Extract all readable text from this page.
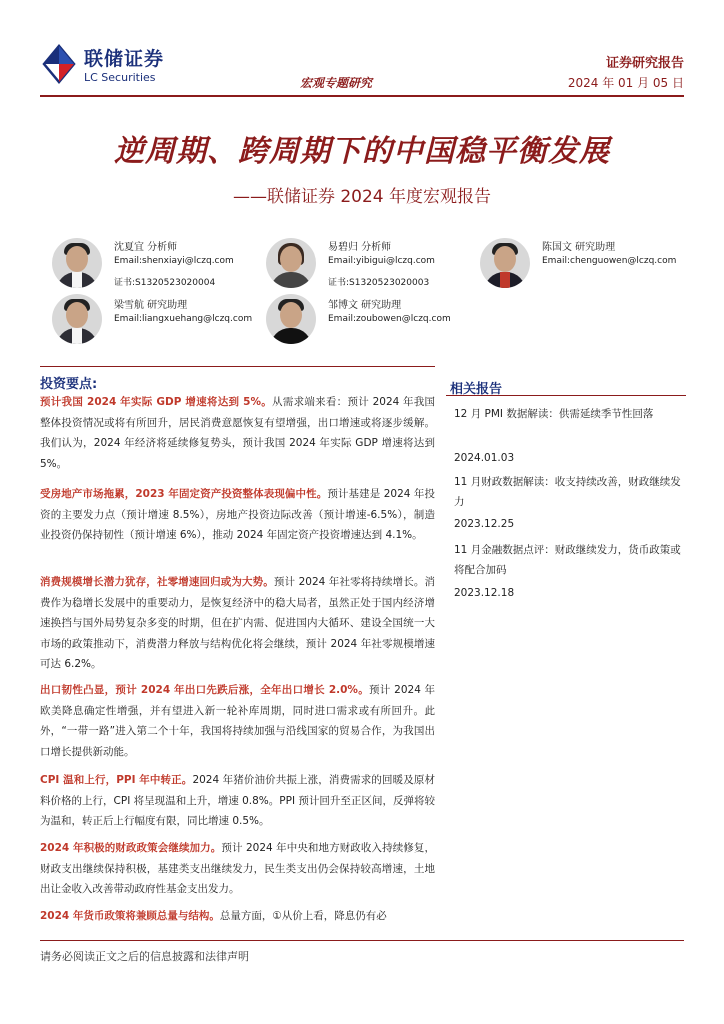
联储证券
LC Securities	宏观专题研究
证券研究报告
2024 年 01 月 05 日
逆周期、跨周期下的中国稳平衡发展
——联储证券 2024 年度宏观报告
沈夏宜 分析师
Email:shenxiayi@lczq.com
证书:S1320523020004
易碧归 分析师
Email:yibigui@lczq.com
证书:S1320523020003
陈国文 研究助理
Email:chenguowen@lczq.com
梁雪航 研究助理
Email:liangxuehang@lczq.com
邹博文 研究助理
Email:zoubowen@lczq.com
投资要点:

预计我国 2024 年实际 GDP 增速将达到 5%。从需求端来看：预计 2024 年我国整体投资情况或将有所回升，居民消费意愿恢复有望增强，出口增速或将逐步缓解。我们认为，2024 年经济将延续修复势头，预计我国 2024 年实际 GDP 增速将达到 5%。

受房地产市场拖累，2023 年固定资产投资整体表现偏中性。预计基建是 2024 年投资的主要发力点（预计增速 8.5%），房地产投资边际改善（预计增速-6.5%），制造业投资仍保持韧性（预计增速 6%），推动 2024 年固定资产投资增速达到 4.1%。

消费规模增长潜力犹存，社零增速回归或为大势。预计 2024 年社零将持续增长。消费作为稳增长发展中的重要动力，是恢复经济中的稳大局者，虽然正处于国内经济增速换挡与国外局势复杂多变的时期，但在扩内需、促进国内大循环、建设全国统一大市场的政策推动下，消费潜力释放与结构优化将会继续，预计 2024 年社零规模增速可达 6.2%。

出口韧性凸显，预计 2024 年出口先跌后涨，全年出口增长 2.0%。预计 2024 年欧美降息确定性增强，并有望进入新一轮补库周期，同时进口需求或有所回升。此外，“一带一路”进入第二个十年，我国将持续加强与沿线国家的贸易合作，为我国出口增长提供新动能。

CPI 温和上行，PPI 年中转正。2024 年猪价油价共振上涨，消费需求的回暖及原材料价格的上行，CPI 将呈现温和上升，增速 0.8%。PPI 预计回升至正区间，反弹将较为温和，转正后上行幅度有限，同比增速 0.5%。

2024 年积极的财政政策会继续加力。预计 2024 年中央和地方财政收入持续修复，财政支出继续保持积极，基建类支出继续发力，民生类支出仍会保持较高增速，土地出让金收入改善带动政府性基金支出发力。

2024 年货币政策将兼顾总量与结构。总量方面，①从价上看，降息仍有必

相关报告
12 月 PMI 数据解读：供需延续季节性回落
2024.01.03
11 月财政数据解读：收支持续改善，财政继续发力
2023.12.25
11 月金融数据点评：财政继续发力，货币政策或将配合加码
2023.12.18
请务必阅读正文之后的信息披露和法律声明
